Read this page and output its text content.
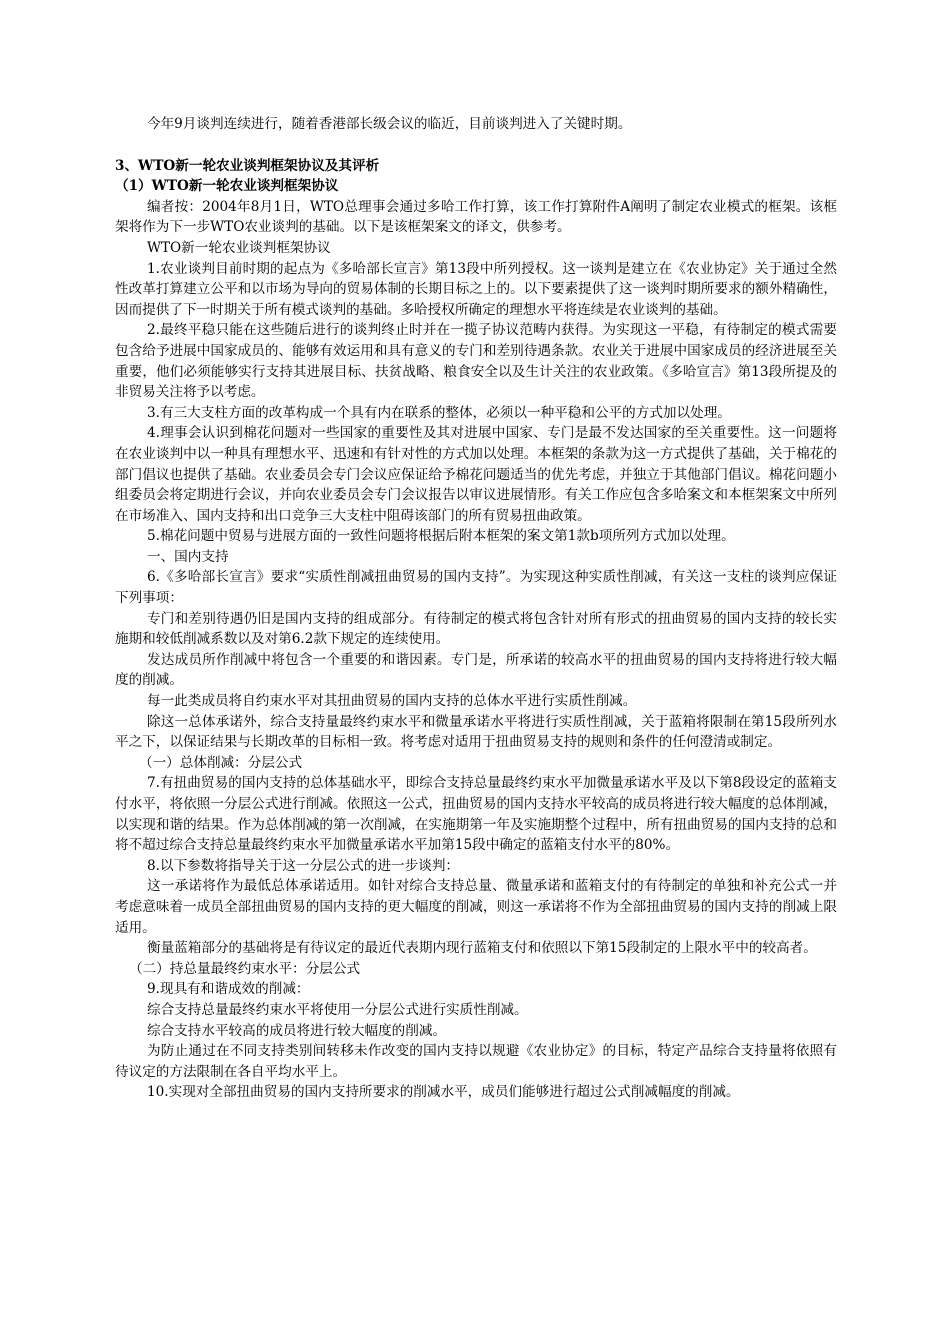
今年9月谈判连续进行，随着香港部长级会议的临近，目前谈判进入了关键时期。

3、WTO新一轮农业谈判框架协议及其评析

（1）WTO新一轮农业谈判框架协议

编者按：2004年8月1日，WTO总理事会通过多哈工作打算，该工作打算附件A阐明了制定农业模式的框架。该框架将作为下一步WTO农业谈判的基础。以下是该框架案文的译文，供参考。

WTO新一轮农业谈判框架协议

1.农业谈判目前时期的起点为《多哈部长宣言》第13段中所列授权。这一谈判是建立在《农业协定》关于通过全然性改革打算建立公平和以市场为导向的贸易体制的长期目标之上的。以下要素提供了这一谈判时期所要求的额外精确性，因而提供了下一时期关于所有模式谈判的基础。多哈授权所确定的理想水平将连续是农业谈判的基础。

2.最终平稳只能在这些随后进行的谈判终止时并在一揽子协议范畴内获得。为实现这一平稳，有待制定的模式需要包含给予进展中国家成员的、能够有效运用和具有意义的专门和差别待遇条款。农业关于进展中国家成员的经济进展至关重要，他们必须能够实行支持其进展目标、扶贫战略、粮食安全以及生计关注的农业政策。《多哈宣言》第13段所提及的非贸易关注将予以考虑。

3.有三大支柱方面的改革构成一个具有内在联系的整体，必须以一种平稳和公平的方式加以处理。

4.理事会认识到棉花问题对一些国家的重要性及其对进展中国家、专门是最不发达国家的至关重要性。这一问题将在农业谈判中以一种具有理想水平、迅速和有针对性的方式加以处理。本框架的条款为这一方式提供了基础，关于棉花的部门倡议也提供了基础。农业委员会专门会议应保证给予棉花问题适当的优先考虑，并独立于其他部门倡议。棉花问题小组委员会将定期进行会议，并向农业委员会专门会议报告以审议进展情形。有关工作应包含多哈案文和本框架案文中所列在市场准入、国内支持和出口竞争三大支柱中阻碍该部门的所有贸易扭曲政策。

5.棉花问题中贸易与进展方面的一致性问题将根据后附本框架的案文第1款b项所列方式加以处理。

一、国内支持

6.《多哈部长宣言》要求“实质性削减扭曲贸易的国内支持”。为实现这种实质性削减，有关这一支柱的谈判应保证下列事项：

专门和差别待遇仍旧是国内支持的组成部分。有待制定的模式将包含针对所有形式的扭曲贸易的国内支持的较长实施期和较低削减系数以及对第6.2款下规定的连续使用。

发达成员所作削减中将包含一个重要的和谐因素。专门是，所承诺的较高水平的扭曲贸易的国内支持将进行较大幅度的削减。

每一此类成员将自约束水平对其扭曲贸易的国内支持的总体水平进行实质性削减。

除这一总体承诺外，综合支持量最终约束水平和微量承诺水平将进行实质性削减，关于蓝箱将限制在第15段所列水平之下，以保证结果与长期改革的目标相一致。将考虑对适用于扭曲贸易支持的规则和条件的任何澄清或制定。

（一）总体削减：分层公式

7.有扭曲贸易的国内支持的总体基础水平，即综合支持总量最终约束水平加微量承诺水平及以下第8段设定的蓝箱支付水平，将依照一分层公式进行削减。依照这一公式，扭曲贸易的国内支持水平较高的成员将进行较大幅度的总体削减，以实现和谐的结果。作为总体削减的第一次削减，在实施期第一年及实施期整个过程中，所有扭曲贸易的国内支持的总和将不超过综合支持总量最终约束水平加微量承诺水平加第15段中确定的蓝箱支付水平的80%。

8.以下参数将指导关于这一分层公式的进一步谈判：

这一承诺将作为最低总体承诺适用。如针对综合支持总量、微量承诺和蓝箱支付的有待制定的单独和补充公式一并考虑意味着一成员全部扭曲贸易的国内支持的更大幅度的削减，则这一承诺将不作为全部扭曲贸易的国内支持的削减上限适用。

衡量蓝箱部分的基础将是有待议定的最近代表期内现行蓝箱支付和依照以下第15段制定的上限水平中的较高者。

（二）持总量最终约束水平：分层公式

9.现具有和谐成效的削减：

综合支持总量最终约束水平将使用一分层公式进行实质性削减。

综合支持水平较高的成员将进行较大幅度的削减。

为防止通过在不同支持类别间转移未作改变的国内支持以规避《农业协定》的目标，特定产品综合支持量将依照有待议定的方法限制在各自平均水平上。

10.实现对全部扭曲贸易的国内支持所要求的削减水平，成员们能够进行超过公式削减幅度的削减。
